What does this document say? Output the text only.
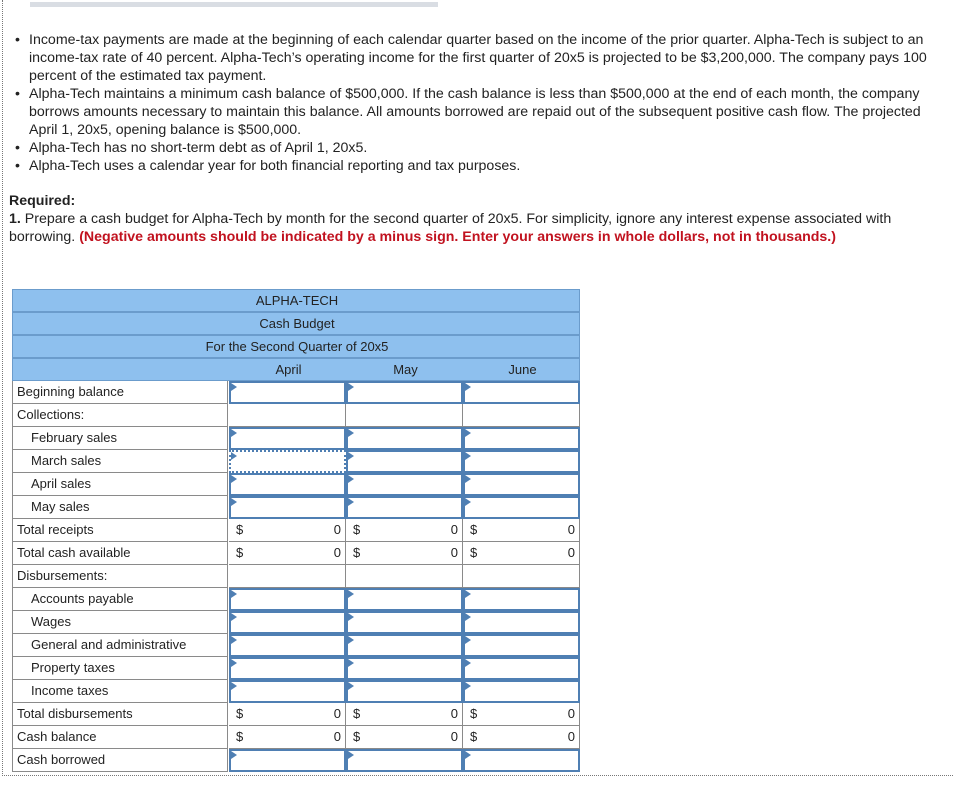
• Income-tax payments are made at the beginning of each calendar quarter based on the income of the prior quarter. Alpha-Tech is subject to an income-tax rate of 40 percent. Alpha-Tech’s operating income for the first quarter of 20x5 is projected to be $3,200,000. The company pays 100 percent of the estimated tax payment.
• Alpha-Tech maintains a minimum cash balance of $500,000. If the cash balance is less than $500,000 at the end of each month, the company borrows amounts necessary to maintain this balance. All amounts borrowed are repaid out of the subsequent positive cash flow. The projected April 1, 20x5, opening balance is $500,000.
• Alpha-Tech has no short-term debt as of April 1, 20x5.
• Alpha-Tech uses a calendar year for both financial reporting and tax purposes.
Required:
1. Prepare a cash budget for Alpha-Tech by month for the second quarter of 20x5. For simplicity, ignore any interest expense associated with borrowing. (Negative amounts should be indicated by a minus sign. Enter your answers in whole dollars, not in thousands.)
ALPHA-TECH
Cash Budget
For the Second Quarter of 20x5
April	May	June
Beginning balance
Collections:
February sales
March sales
April sales
May sales
Total receipts	$	0 $	0 $	0
Total cash available	$	0 $	0 $	0
Disbursements:
Accounts payable
Wages
General and administrative
Property taxes
Income taxes
Total disbursements	$	0 $	0 $	0
Cash balance	$	0 $	0 $	0
Cash borrowed
